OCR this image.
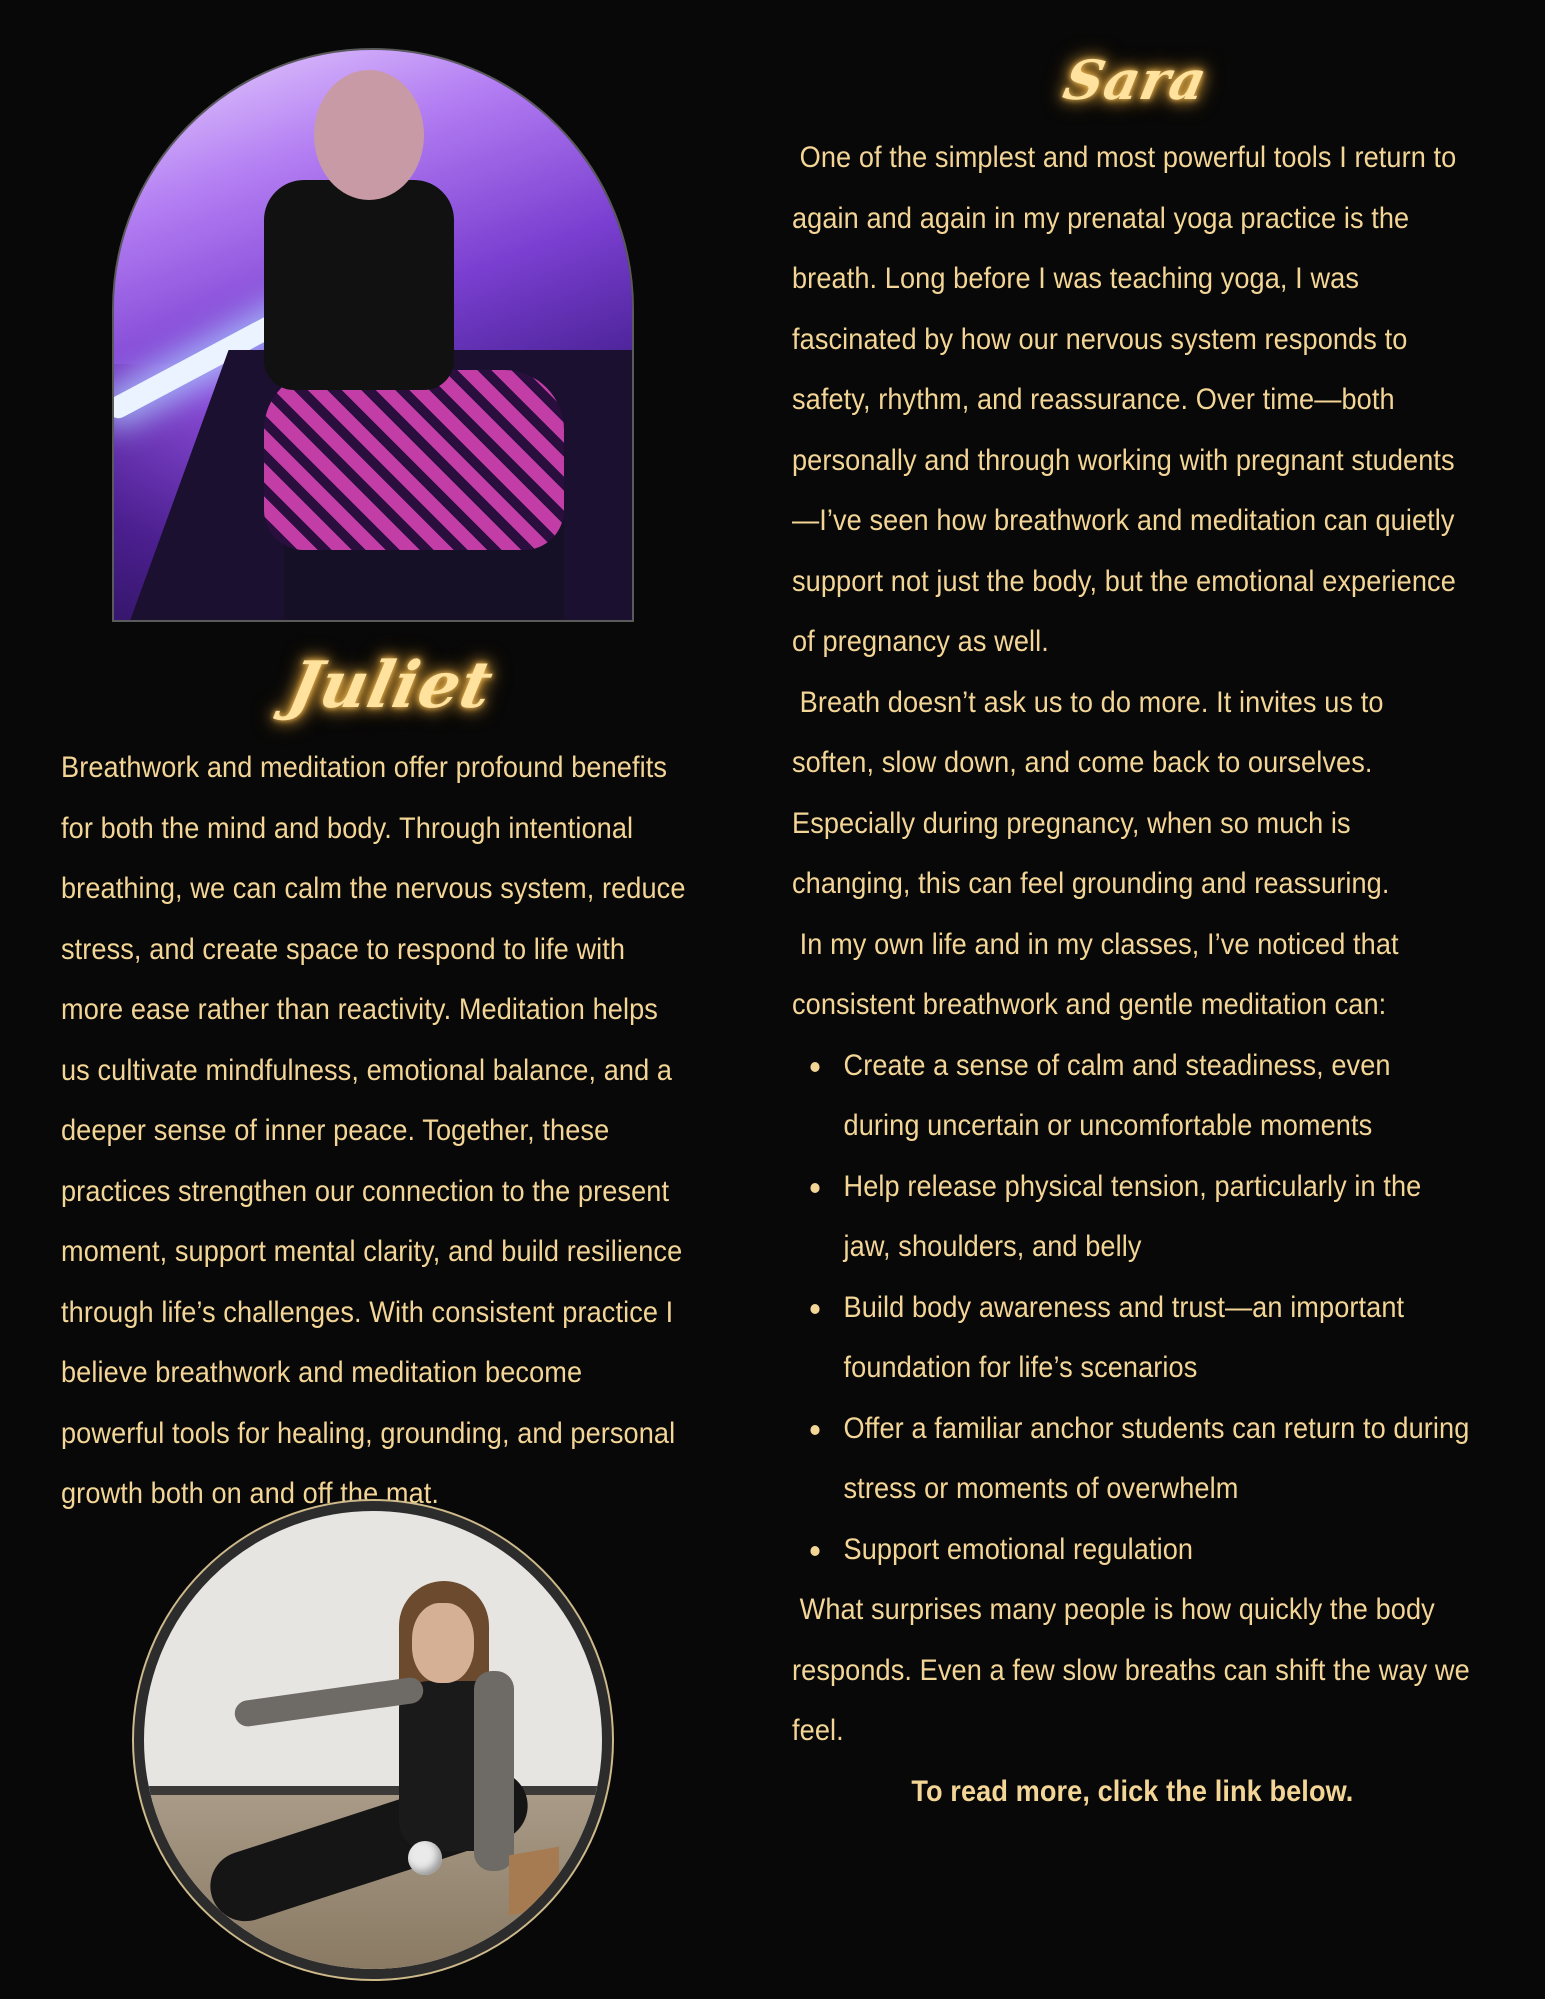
Juliet
Breathwork and meditation offer profound benefits for both the mind and body. Through intentional breathing, we can calm the nervous system, reduce stress, and create space to respond to life with more ease rather than reactivity. Meditation helps us cultivate mindfulness, emotional balance, and a deeper sense of inner peace. Together, these practices strengthen our connection to the present moment, support mental clarity, and build resilience through life’s challenges. With consistent practice I believe breathwork and meditation become powerful tools for healing, grounding, and personal growth both on and off the mat.
Sara

One of the simplest and most powerful tools I return to again and again in my prenatal yoga practice is the breath. Long before I was teaching yoga, I was fascinated by how our nervous system responds to safety, rhythm, and reassurance. Over time—both personally and through working with pregnant students—I’ve seen how breathwork and meditation can quietly support not just the body, but the emotional experience of pregnancy as well.

Breath doesn’t ask us to do more. It invites us to soften, slow down, and come back to ourselves. Especially during pregnancy, when so much is changing, this can feel grounding and reassuring.

In my own life and in my classes, I’ve noticed that consistent breathwork and gentle meditation can:

Create a sense of calm and steadiness, even during uncertain or uncomfortable moments
Help release physical tension, particularly in the jaw, shoulders, and belly
Build body awareness and trust—an important foundation for life’s scenarios
Offer a familiar anchor students can return to during stress or moments of overwhelm
Support emotional regulation

What surprises many people is how quickly the body responds. Even a few slow breaths can shift the way we feel.

To read more, click the link below.
